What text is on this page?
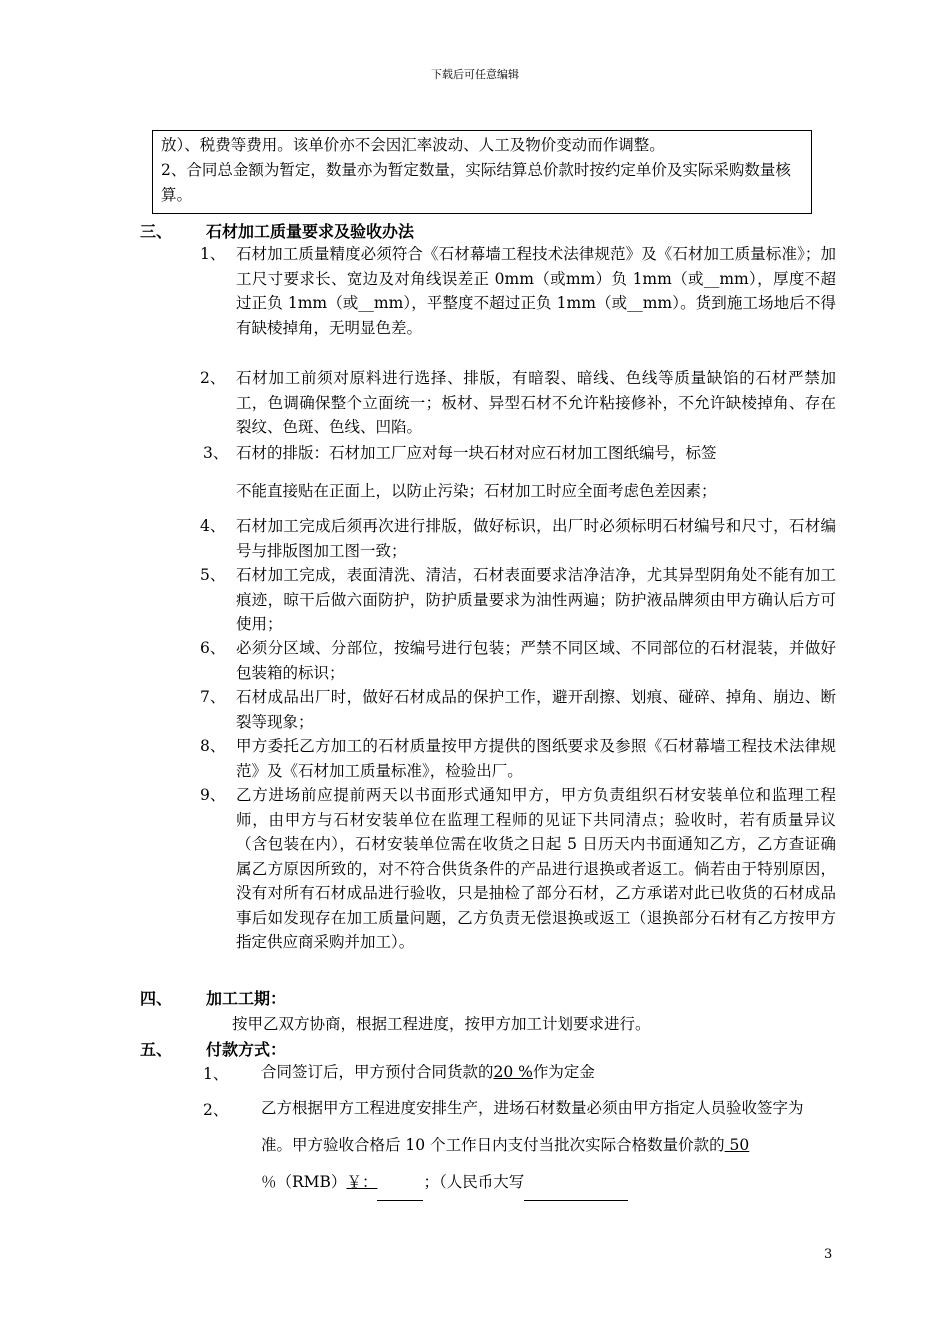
下载后可任意编辑

放）、税费等费用。该单价亦不会因汇率波动、人工及物价变动而作调整。

2、合同总金额为暂定，数量亦为暂定数量，实际结算总价款时按约定单价及实际采购数量核算。

三、 石材加工质量要求及验收办法
1、 石材加工质量精度必须符合《石材幕墙工程技术法律规范》及《石材加工质量标准》；加工尺寸要求长、宽边及对角线误差正 0mm（或mm）负 1mm（或__mm），厚度不超过正负 1mm（或__mm），平整度不超过正负 1mm（或__mm）。货到施工场地后不得有缺棱掉角，无明显色差。
2、 石材加工前须对原料进行选择、排版，有暗裂、暗线、色线等质量缺馅的石材严禁加工，色调确保整个立面统一；板材、异型石材不允许粘接修补，不允许缺棱掉角、存在裂纹、色斑、色线、凹陷。
3、 石材的排版：石材加工厂应对每一块石材对应石材加工图纸编号，标签
不能直接贴在正面上，以防止污染；石材加工时应全面考虑色差因素；
4、 石材加工完成后须再次进行排版，做好标识，出厂时必须标明石材编号和尺寸，石材编号与排版图加工图一致；
5、 石材加工完成，表面清洗、清洁，石材表面要求洁净洁净，尤其异型阴角处不能有加工痕迹，晾干后做六面防护，防护质量要求为油性两遍；防护液品牌须由甲方确认后方可使用；
6、 必须分区域、分部位，按编号进行包装；严禁不同区域、不同部位的石材混装，并做好包装箱的标识；
7、 石材成品出厂时，做好石材成品的保护工作，避开刮擦、划痕、碰碎、掉角、崩边、断裂等现象；
8、 甲方委托乙方加工的石材质量按甲方提供的图纸要求及参照《石材幕墙工程技术法律规范》及《石材加工质量标准》，检验出厂。
9、 乙方进场前应提前两天以书面形式通知甲方，甲方负责组织石材安装单位和监理工程师，由甲方与石材安装单位在监理工程师的见证下共同清点；验收时，若有质量异议（含包装在内），石材安装单位需在收货之日起 5 日历天内书面通知乙方，乙方查证确属乙方原因所致的，对不符合供货条件的产品进行退换或者返工。倘若由于特别原因，没有对所有石材成品进行验收，只是抽检了部分石材，乙方承诺对此已收货的石材成品事后如发现存在加工质量问题，乙方负责无偿退换或返工（退换部分石材有乙方按甲方指定供应商采购并加工）。
四、 加工工期：
按甲乙双方协商，根据工程进度，按甲方加工计划要求进行。
五、 付款方式：
1、 合同签订后，甲方预付合同货款的20 %作为定金
2、 乙方根据甲方工程进度安排生产，进场石材数量必须由甲方指定人员验收签字为准。甲方验收合格后 10 个工作日内支付当批次实际合格数量价款的 50 ％（RMB）￥：	；（人民币大写
3
